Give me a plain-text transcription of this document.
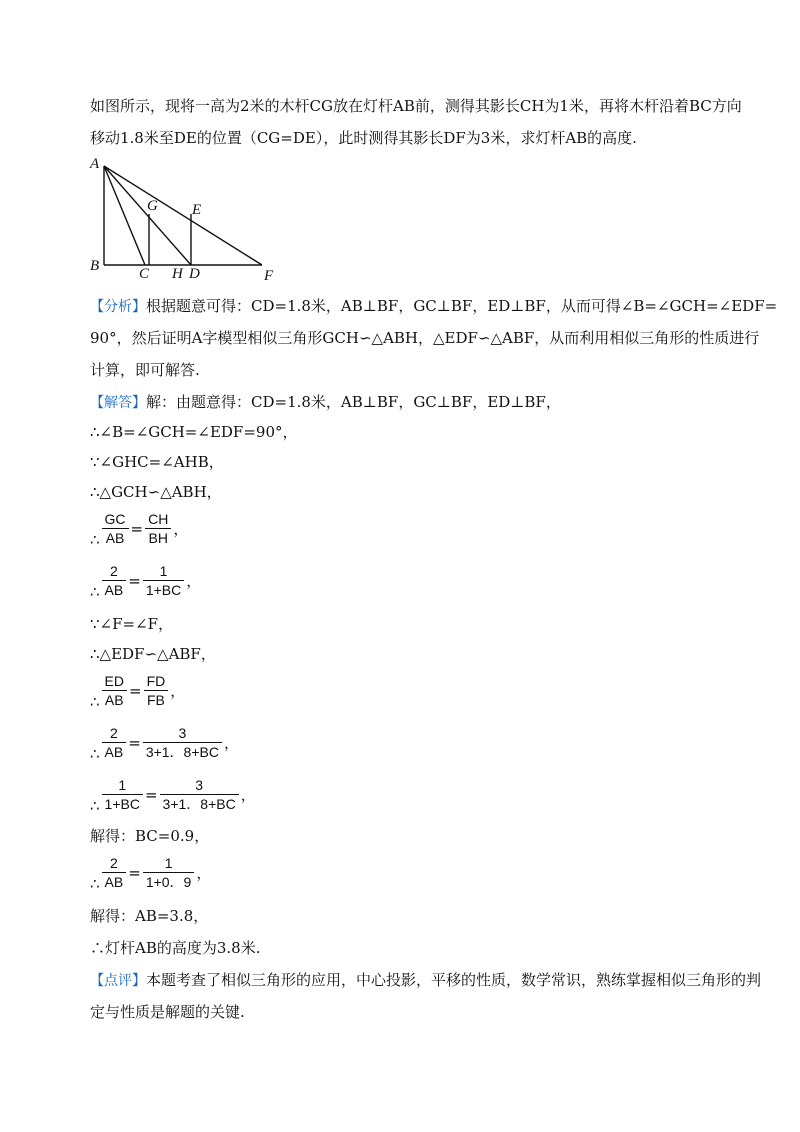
如图所示，现将一高为2米的木杆CG放在灯杆AB前，测得其影长CH为1米，再将木杆沿着BC方向
移动1.8米至DE的位置（CG=DE），此时测得其影长DF为3米，求灯杆AB的高度.
A
B	C
G
H D
E
F
【分析】根据题意可得：CD=1.8米，AB⊥BF，GC⊥BF，ED⊥BF，从而可得∠B=∠GCH=∠EDF=
90°，然后证明A字模型相似三角形GCH∽△ABH，△EDF∽△ABF，从而利用相似三角形的性质进行
计算，即可解答.
【解答】解：由题意得：CD=1.8米，AB⊥BF，GC⊥BF，ED⊥BF，
∴∠B=∠GCH=∠EDF=90°，
∵∠GHC=∠AHB，
∴△GCH∽△ABH，
∴ $\frac{GC}{AB} = \frac{CH}{BH}$ ，
∴ $\frac{2}{AB} = \frac{1}{1+BC}$ ，
∵∠F=∠F，
∴△EDF∽△ABF，
∴ $\frac{ED}{AB} = \frac{FD}{FB}$ ，
∴ $\frac{2}{AB} = \frac{3}{3+1.8+BC}$ ，
∴ $\frac{1}{1+BC} = \frac{3}{3+1.8+BC}$ ，
解得：BC=0.9，
∴ $\frac{2}{AB} = \frac{1}{1+0.9}$ ，
解得：AB=3.8，
∴灯杆AB的高度为3.8米.
【点评】本题考查了相似三角形的应用，中心投影，平移的性质，数学常识，熟练掌握相似三角形的判
定与性质是解题的关键.
